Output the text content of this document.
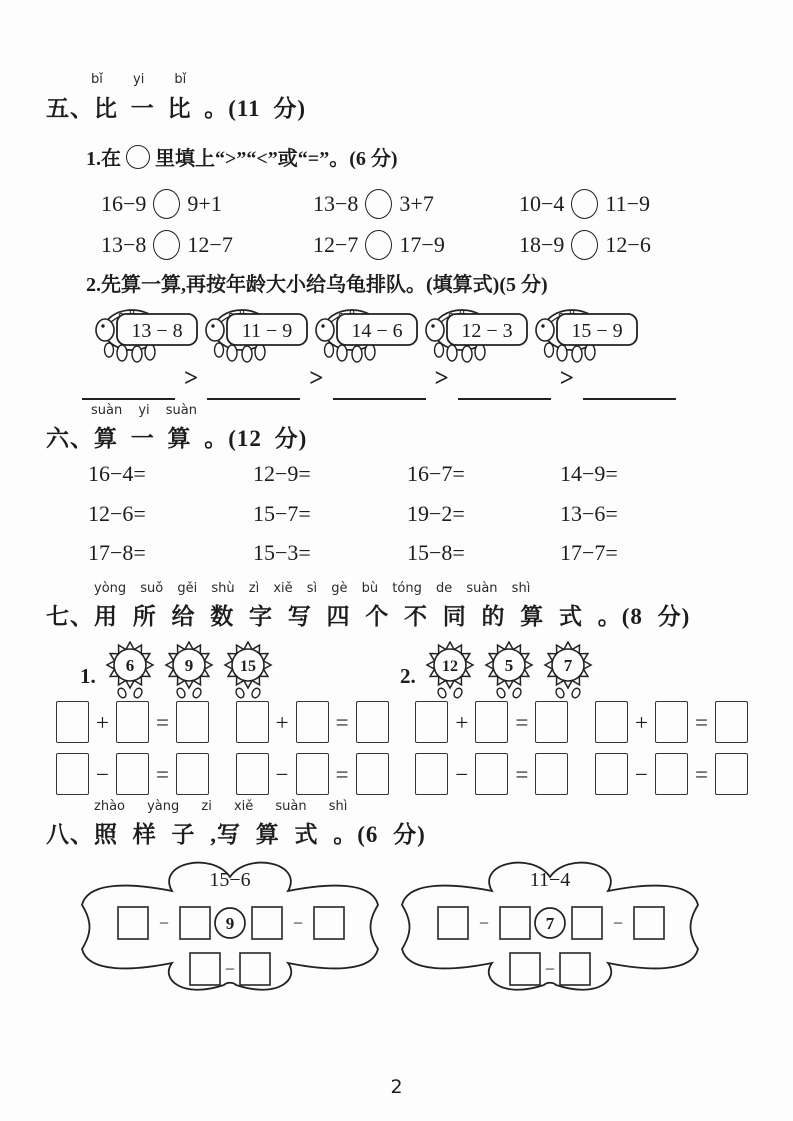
bǐ yi bǐ
五、比 一 比 。(11 分)
1.在 里填上“>”“<”或“=”。(6 分)
16−9 9+1	13−8 3+7	10−4 11−9
13−8 12−7	12−7 17−9	18−9 12−6
2.先算一算,再按年龄大小给乌龟排队。(填算式)(5 分)
13 − 8	11 − 9	14 − 6	12 − 3	15 − 9
>	>	>	>
suàn yi suàn
六、算 一 算 。(12 分)
16−4=	12−9=	16−7=	14−9=
12−6=	15−7=	19−2=	13−6=
17−8=	15−3=	15−8=	17−7=
yòng suǒ gěi shù zì xiě sì gè bù tóng de suàn shì
七、用 所 给 数 字 写 四 个 不 同 的 算 式 。(8 分)
1. 6	9	15	2. 12	5	7
+ =	+ =	+ =	+ =
− =	− =	− =	− =
zhào yàng zi xiě suàn shì
八、照 样 子 ,写 算 式 。(6 分)
15−6
−	9	−
−
11−4
−	7	−
−
2
